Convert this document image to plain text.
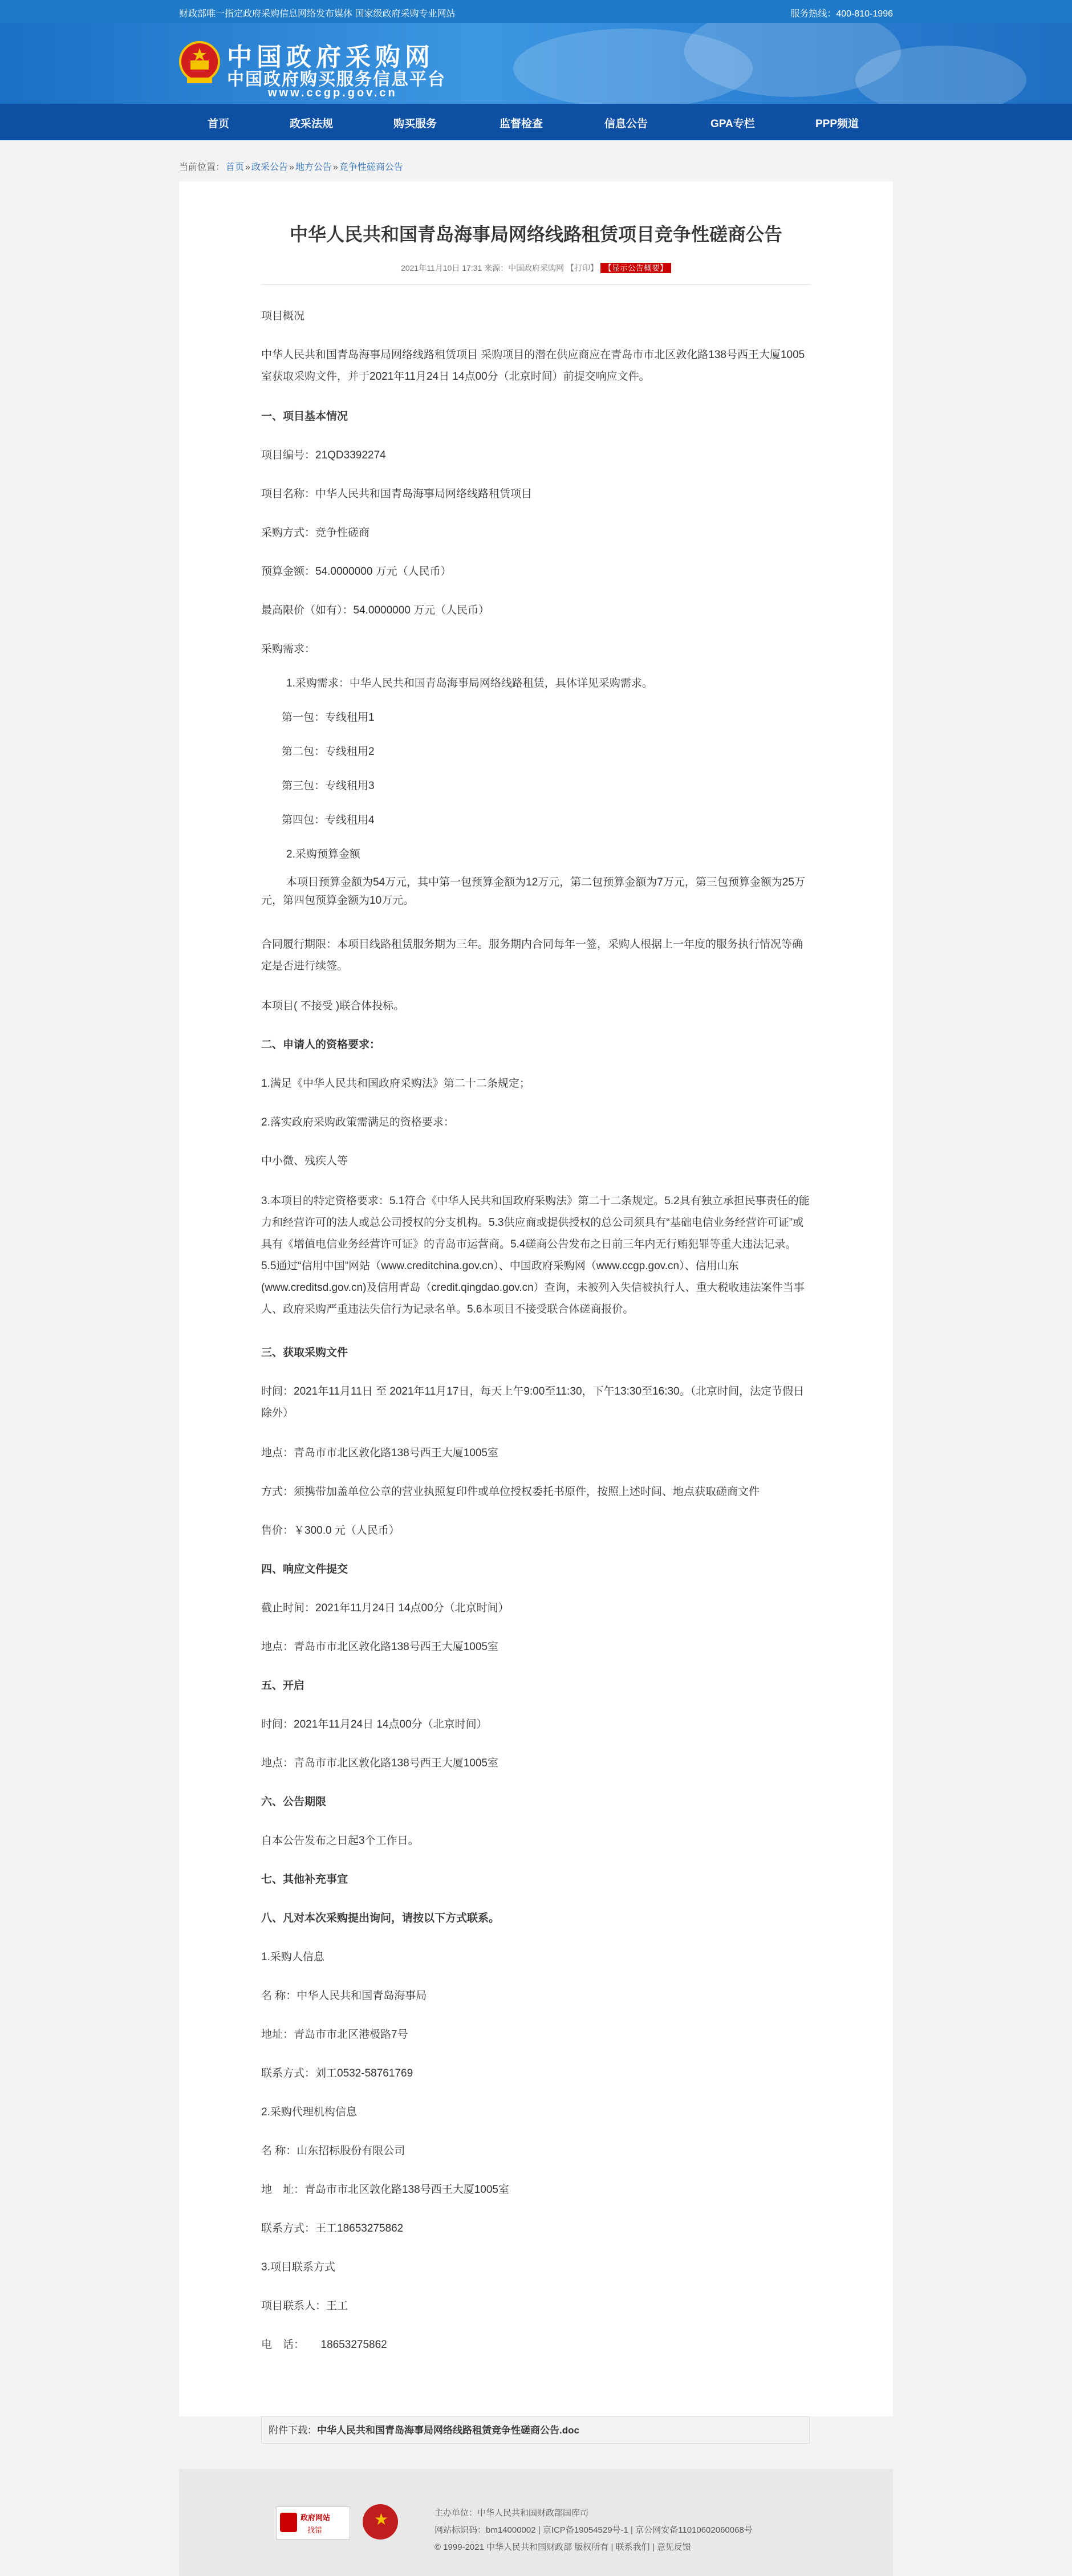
财政部唯一指定政府采购信息网络发布媒体 国家级政府采购专业网站	服务热线：400-810-1996
中国政府采购网
中国政府购买服务信息平台
www.ccgp.gov.cn
首页	政采法规	购买服务	监督检查	信息公告	GPA专栏	PPP频道
当前位置： 首页 » 政采公告 » 地方公告 » 竞争性磋商公告
中华人民共和国青岛海事局网络线路租赁项目竞争性磋商公告
2021年11月10日 17:31 来源：中国政府采购网 【打印】 【显示公告概要】
项目概况
中华人民共和国青岛海事局网络线路租赁项目 采购项目的潜在供应商应在青岛市市北区敦化路138号西王大厦1005室获取采购文件，并于2021年11月24日 14点00分（北京时间）前提交响应文件。
一、项目基本情况
项目编号：21QD3392274
项目名称：中华人民共和国青岛海事局网络线路租赁项目
采购方式：竞争性磋商
预算金额：54.0000000 万元（人民币）
最高限价（如有）：54.0000000 万元（人民币）
采购需求：
1.采购需求：中华人民共和国青岛海事局网络线路租赁，具体详见采购需求。
第一包：专线租用1
第二包：专线租用2
第三包：专线租用3
第四包：专线租用4
2.采购预算金额
本项目预算金额为54万元，其中第一包预算金额为12万元，第二包预算金额为7万元，第三包预算金额为25万元，第四包预算金额为10万元。
合同履行期限：本项目线路租赁服务期为三年。服务期内合同每年一签，采购人根据上一年度的服务执行情况等确定是否进行续签。
本项目( 不接受 )联合体投标。
二、申请人的资格要求：
1.满足《中华人民共和国政府采购法》第二十二条规定；
2.落实政府采购政策需满足的资格要求：
中小微、残疾人等
3.本项目的特定资格要求：5.1符合《中华人民共和国政府采购法》第二十二条规定。5.2具有独立承担民事责任的能力和经营许可的法人或总公司授权的分支机构。5.3供应商或提供授权的总公司须具有“基础电信业务经营许可证”或具有《增值电信业务经营许可证》的青岛市运营商。5.4磋商公告发布之日前三年内无行贿犯罪等重大违法记录。5.5通过“信用中国”网站（www.creditchina.gov.cn）、中国政府采购网（www.ccgp.gov.cn）、信用山东(www.creditsd.gov.cn)及信用青岛（credit.qingdao.gov.cn）查询，未被列入失信被执行人、重大税收违法案件当事人、政府采购严重违法失信行为记录名单。5.6本项目不接受联合体磋商报价。
三、获取采购文件
时间：2021年11月11日 至 2021年11月17日，每天上午9:00至11:30，下午13:30至16:30。（北京时间，法定节假日除外）
地点：青岛市市北区敦化路138号西王大厦1005室
方式：须携带加盖单位公章的营业执照复印件或单位授权委托书原件，按照上述时间、地点获取磋商文件
售价：￥300.0 元（人民币）
四、响应文件提交
截止时间：2021年11月24日 14点00分（北京时间）
地点：青岛市市北区敦化路138号西王大厦1005室
五、开启
时间：2021年11月24日 14点00分（北京时间）
地点：青岛市市北区敦化路138号西王大厦1005室
六、公告期限
自本公告发布之日起3个工作日。
七、其他补充事宜
八、凡对本次采购提出询问，请按以下方式联系。
1.采购人信息
名 称：中华人民共和国青岛海事局
地址：青岛市市北区港极路7号
联系方式：刘工0532-58761769
2.采购代理机构信息
名 称：山东招标股份有限公司
地　址：青岛市市北区敦化路138号西王大厦1005室
联系方式：王工18653275862
3.项目联系方式
项目联系人：王工
电　话：　　18653275862
附件下载：中华人民共和国青岛海事局网络线路租赁竞争性磋商公告.doc
政府网站
找错
★	主办单位：中华人民共和国财政部国库司
网站标识码：bm14000002 | 京ICP备19054529号-1 | 京公网安备11010602060068号
© 1999-2021 中华人民共和国财政部 版权所有 | 联系我们 | 意见反馈
